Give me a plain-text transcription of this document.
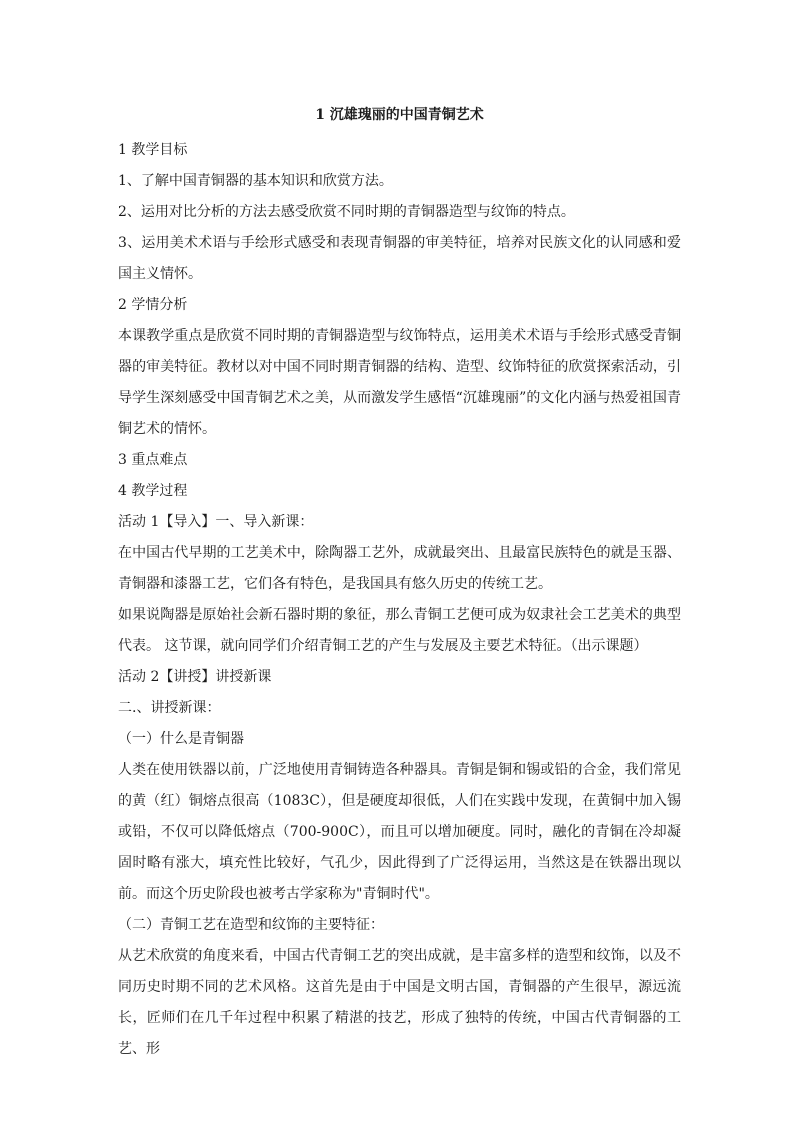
1 沉雄瑰丽的中国青铜艺术

1 教学目标

1、了解中国青铜器的基本知识和欣赏方法。

2、运用对比分析的方法去感受欣赏不同时期的青铜器造型与纹饰的特点。

3、运用美术术语与手绘形式感受和表现青铜器的审美特征，培养对民族文化的认同感和爱国主义情怀。

2 学情分析

本课教学重点是欣赏不同时期的青铜器造型与纹饰特点，运用美术术语与手绘形式感受青铜器的审美特征。教材以对中国不同时期青铜器的结构、造型、纹饰特征的欣赏探索活动，引导学生深刻感受中国青铜艺术之美，从而激发学生感悟“沉雄瑰丽”的文化内涵与热爱祖国青铜艺术的情怀。

3 重点难点

4 教学过程

活动 1【导入】一、导入新课：

在中国古代早期的工艺美术中，除陶器工艺外，成就最突出、且最富民族特色的就是玉器、青铜器和漆器工艺，它们各有特色，是我国具有悠久历史的传统工艺。

如果说陶器是原始社会新石器时期的象征，那么青铜工艺便可成为奴隶社会工艺美术的典型代表。 这节课，就向同学们介绍青铜工艺的产生与发展及主要艺术特征。（出示课题）

活动 2【讲授】讲授新课

二.、讲授新课：

（一）什么是青铜器

人类在使用铁器以前，广泛地使用青铜铸造各种器具。青铜是铜和锡或铅的合金，我们常见的黄（红）铜熔点很高（1083C），但是硬度却很低，人们在实践中发现，在黄铜中加入锡或铅，不仅可以降低熔点（700-900C），而且可以增加硬度。同时，融化的青铜在冷却凝固时略有涨大，填充性比较好，气孔少，因此得到了广泛得运用，当然这是在铁器出现以前。而这个历史阶段也被考古学家称为"青铜时代"。

（二）青铜工艺在造型和纹饰的主要特征：

从艺术欣赏的角度来看，中国古代青铜工艺的突出成就，是丰富多样的造型和纹饰，以及不同历史时期不同的艺术风格。这首先是由于中国是文明古国，青铜器的产生很早，源远流长，匠师们在几千年过程中积累了精湛的技艺，形成了独特的传统，中国古代青铜器的工艺、形
